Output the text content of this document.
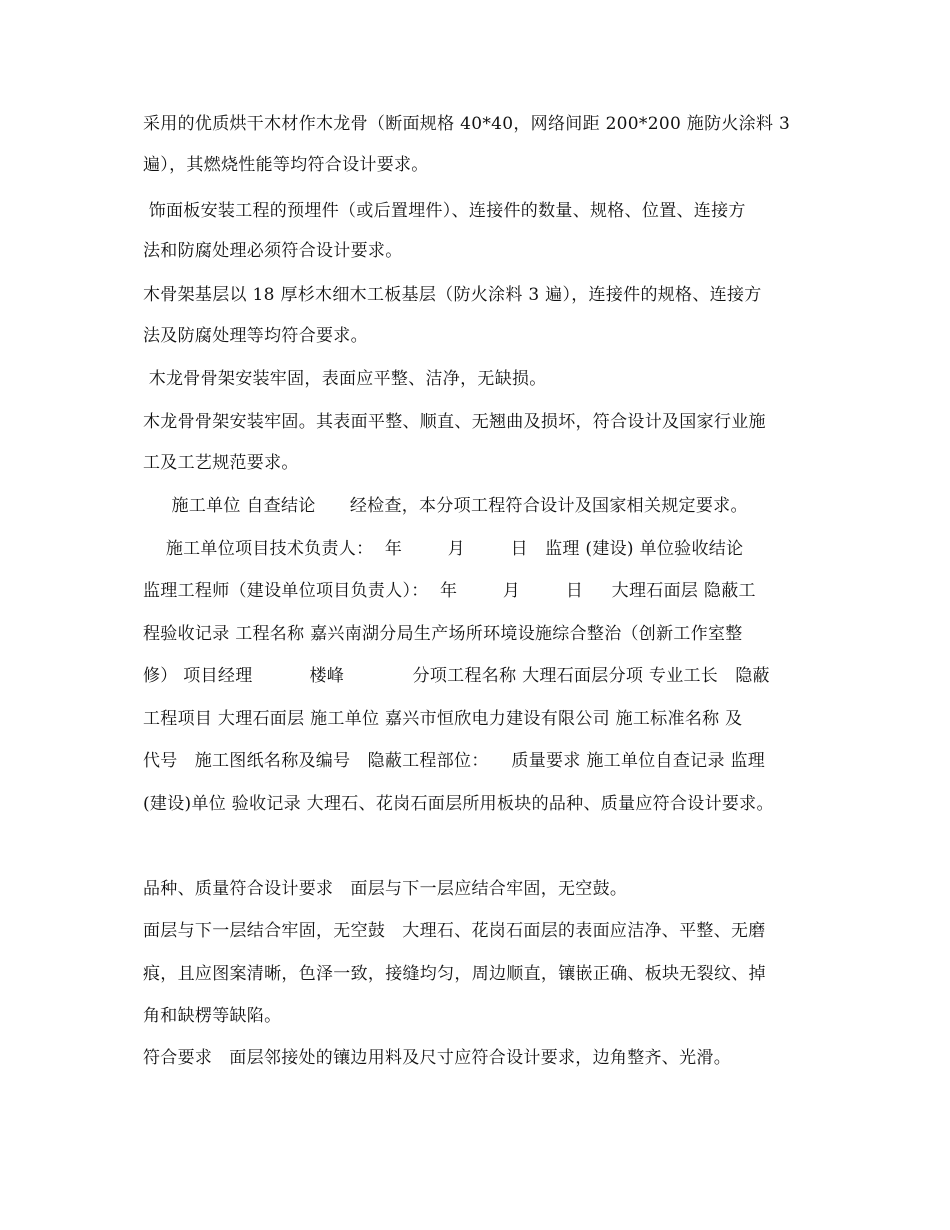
采用的优质烘干木材作木龙骨（断面规格 40*40，网络间距 200*200 施防火涂料 3

遍），其燃烧性能等均符合设计要求。

饰面板安装工程的预埋件（或后置埋件）、连接件的数量、规格、位置、连接方

法和防腐处理必须符合设计要求。

木骨架基层以 18 厚杉木细木工板基层（防火涂料 3 遍），连接件的规格、连接方

法及防腐处理等均符合要求。

木龙骨骨架安装牢固，表面应平整、洁净，无缺损。

木龙骨骨架安装牢固。其表面平整、顺直、无翘曲及损坏，符合设计及国家行业施

工及工艺规范要求。

施工单位 自查结论      经检查，本分项工程符合设计及国家相关规定要求。

施工单位项目技术负责人：  年        月        日   监理 (建设) 单位验收结论

监理工程师（建设单位项目负责人）：  年        月        日     大理石面层 隐蔽工

程验收记录 工程名称 嘉兴南湖分局生产场所环境设施综合整治（创新工作室整

修） 项目经理          楼峰            分项工程名称 大理石面层分项 专业工长   隐蔽

工程项目 大理石面层 施工单位 嘉兴市恒欣电力建设有限公司 施工标准名称 及

代号   施工图纸名称及编号   隐蔽工程部位：    质量要求 施工单位自查记录 监理

(建设)单位 验收记录 大理石、花岗石面层所用板块的品种、质量应符合设计要求。

品种、质量符合设计要求   面层与下一层应结合牢固，无空鼓。

面层与下一层结合牢固，无空鼓   大理石、花岗石面层的表面应洁净、平整、无磨

痕，且应图案清晰，色泽一致，接缝均匀，周边顺直，镶嵌正确、板块无裂纹、掉

角和缺楞等缺陷。

符合要求   面层邻接处的镶边用料及尺寸应符合设计要求，边角整齐、光滑。
